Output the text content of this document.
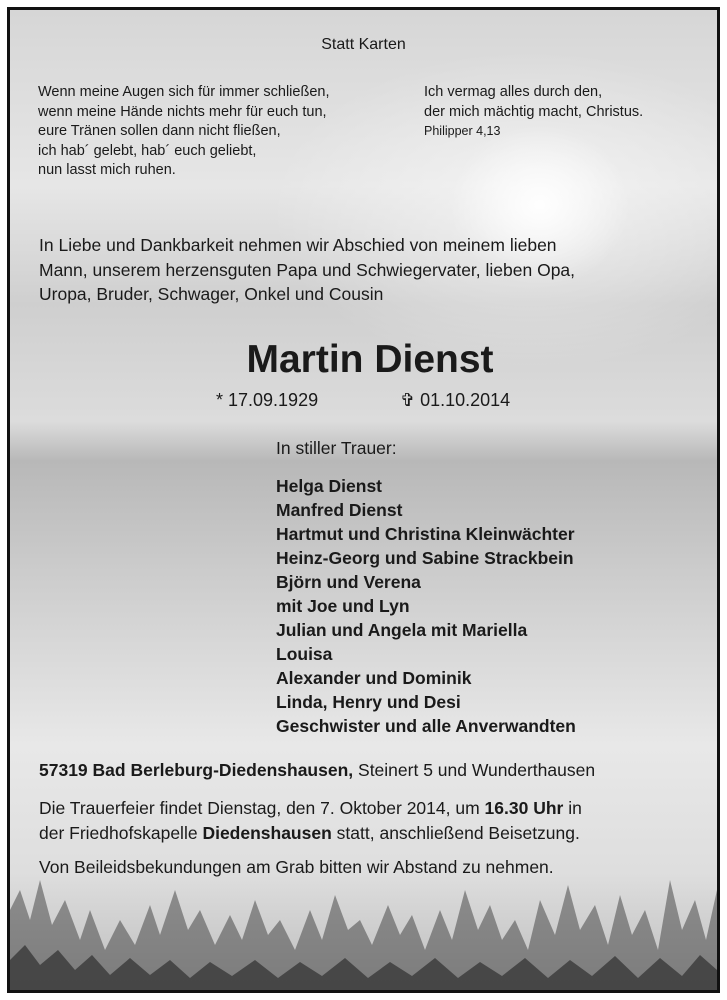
Statt Karten
Wenn meine Augen sich für immer schließen,
wenn meine Hände nichts mehr für euch tun,
eure Tränen sollen dann nicht fließen,
ich hab´ gelebt, hab´ euch geliebt,
nun lasst mich ruhen.
Ich vermag alles durch den,
der mich mächtig macht, Christus.
Philipper 4,13
In Liebe und Dankbarkeit nehmen wir Abschied von meinem lieben
Mann, unserem herzensguten Papa und Schwiegervater, lieben Opa,
Uropa, Bruder, Schwager, Onkel und Cousin
Martin Dienst
* 17.09.1929	✞ 01.10.2014
In stiller Trauer:
Helga Dienst
Manfred Dienst
Hartmut und Christina Kleinwächter
Heinz-Georg und Sabine Strackbein
Björn und Verena
mit Joe und Lyn
Julian und Angela mit Mariella
Louisa
Alexander und Dominik
Linda, Henry und Desi
Geschwister und alle Anverwandten
57319 Bad Berleburg-Diedenshausen, Steinert 5 und Wunderthausen
Die Trauerfeier findet Dienstag, den 7. Oktober 2014, um 16.30 Uhr in
der Friedhofskapelle Diedenshausen statt, anschließend Beisetzung.
Von Beileidsbekundungen am Grab bitten wir Abstand zu nehmen.
